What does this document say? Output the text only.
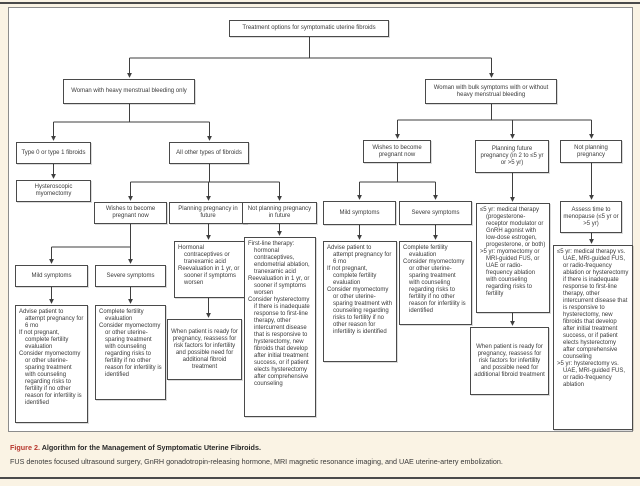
Treatment options for symptomatic uterine fibroids
Woman with heavy menstrual bleeding only
Woman with bulk symptoms with or without heavy menstrual bleeding
Type 0 or type 1 fibroids	All other types of fibroids
Hysteroscopic myomectomy
Wishes to become pregnant now
Planning pregnancy in future
Not planning pregnancy in future
Mild symptoms	Severe symptoms
Wishes to become pregnant now
Planning future pregnancy (in 2 to ≤5 yr or >5 yr)
Not planning pregnancy
Mild symptoms	Severe symptoms	Assess time to menopause (≤5 yr or >5 yr)
Advise patient to attempt pregnancy for 6 mo
If not pregnant, complete fertility evaluation
Consider myomectomy or other uterine-sparing treatment with counseling regarding risks to fertility if no other reason for infertility is identified
Complete fertility evaluation
Consider myomectomy or other uterine-sparing treatment with counseling regarding risks to fertility if no other reason for infertility is identified
Hormonal contraceptives or tranexamic acid
Reevaluation in 1 yr, or sooner if symptoms worsen
When patient is ready for pregnancy, reassess for risk factors for infertility and possible need for additional fibroid treatment
First-line therapy: hormonal contraceptives, endometrial ablation, tranexamic acid
Reevaluation in 1 yr, or sooner if symptoms worsen
Consider hysterectomy if there is inadequate response to first-line therapy, other intercurrent disease that is responsive to hysterectomy, new fibroids that develop after initial treatment success, or if patient elects hysterectomy after comprehensive counseling
Advise patient to attempt pregnancy for 6 mo
If not pregnant, complete fertility evaluation
Consider myomectomy or other uterine-sparing treatment with counseling regarding risks to fertility if no other reason for infertility is identified
Complete fertility evaluation
Consider myomectomy or other uterine-sparing treatment with counseling regarding risks to fertility if no other reason for infertility is identified
≤5 yr: medical therapy (progesterone-receptor modulator or GnRH agonist with low-dose estrogen, progesterone, or both)
>5 yr: myomectomy or MRI-guided FUS, or UAE or radio-frequency ablation with counseling regarding risks to fertility
When patient is ready for pregnancy, reassess for risk factors for infertility and possible need for additional fibroid treatment
≤5 yr: medical therapy vs. UAE, MRI-guided FUS, or radio-frequency ablation or hysterectomy if there is inadequate response to first-line therapy, other intercurrent disease that is responsive to hysterectomy, new fibroids that develop after initial treatment success, or if patient elects hysterectomy after comprehensive counseling
>5 yr: hysterectomy vs. UAE, MRI-guided FUS, or radio-frequency ablation

Figure 2. Algorithm for the Management of Symptomatic Uterine Fibroids.

FUS denotes focused ultrasound surgery, GnRH gonadotropin-releasing hormone, MRI magnetic resonance imaging, and UAE uterine-artery embolization.
